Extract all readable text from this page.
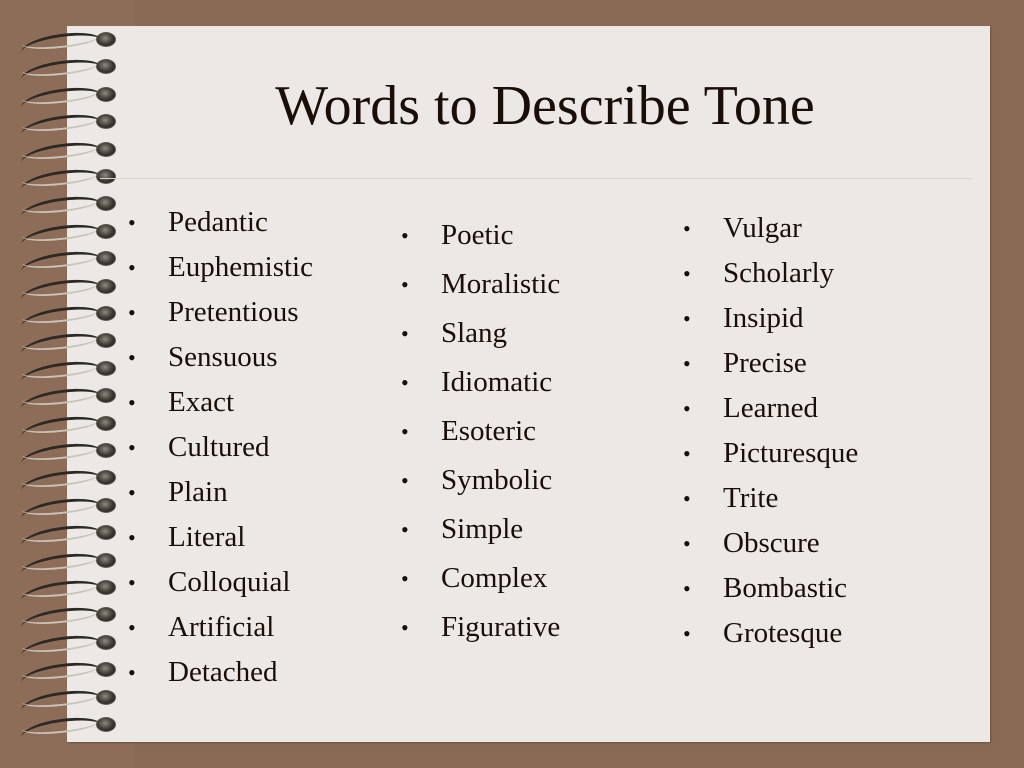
Words to Describe Tone
• Pedantic
• Euphemistic
• Pretentious
• Sensuous
• Exact
• Cultured
• Plain
• Literal
• Colloquial
• Artificial
• Detached
• Poetic
• Moralistic
• Slang
• Idiomatic
• Esoteric
• Symbolic
• Simple
• Complex
• Figurative
• Vulgar
• Scholarly
• Insipid
• Precise
• Learned
• Picturesque
• Trite
• Obscure
• Bombastic
• Grotesque
